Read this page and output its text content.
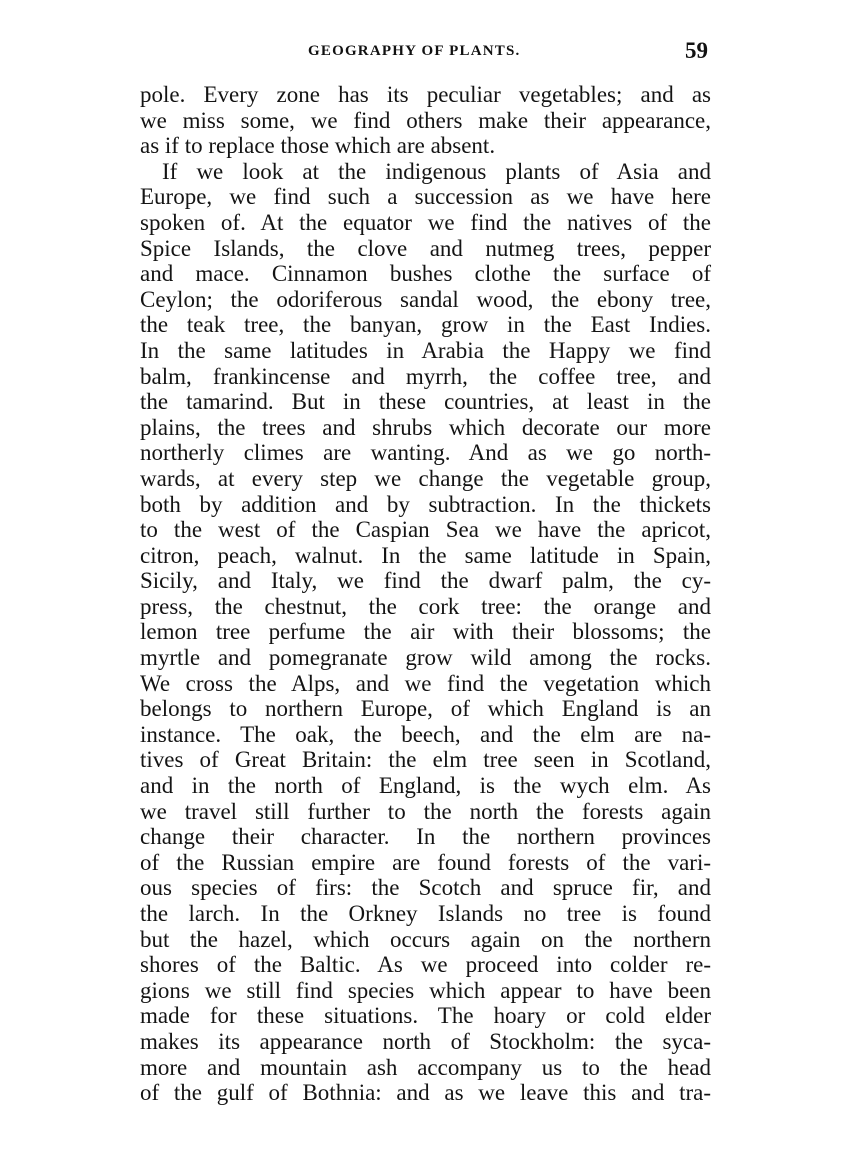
GEOGRAPHY OF PLANTS.	59
pole. Every zone has its peculiar vegetables; and as
we miss some, we find others make their appearance,
as if to replace those which are absent.
If we look at the indigenous plants of Asia and
Europe, we find such a succession as we have here
spoken of. At the equator we find the natives of the
Spice Islands, the clove and nutmeg trees, pepper
and mace. Cinnamon bushes clothe the surface of
Ceylon; the odoriferous sandal wood, the ebony tree,
the teak tree, the banyan, grow in the East Indies.
In the same latitudes in Arabia the Happy we find
balm, frankincense and myrrh, the coffee tree, and
the tamarind. But in these countries, at least in the
plains, the trees and shrubs which decorate our more
northerly climes are wanting. And as we go north-
wards, at every step we change the vegetable group,
both by addition and by subtraction. In the thickets
to the west of the Caspian Sea we have the apricot,
citron, peach, walnut. In the same latitude in Spain,
Sicily, and Italy, we find the dwarf palm, the cy-
press, the chestnut, the cork tree: the orange and
lemon tree perfume the air with their blossoms; the
myrtle and pomegranate grow wild among the rocks.
We cross the Alps, and we find the vegetation which
belongs to northern Europe, of which England is an
instance. The oak, the beech, and the elm are na-
tives of Great Britain: the elm tree seen in Scotland,
and in the north of England, is the wych elm. As
we travel still further to the north the forests again
change their character. In the northern provinces
of the Russian empire are found forests of the vari-
ous species of firs: the Scotch and spruce fir, and
the larch. In the Orkney Islands no tree is found
but the hazel, which occurs again on the northern
shores of the Baltic. As we proceed into colder re-
gions we still find species which appear to have been
made for these situations. The hoary or cold elder
makes its appearance north of Stockholm: the syca-
more and mountain ash accompany us to the head
of the gulf of Bothnia: and as we leave this and tra-
